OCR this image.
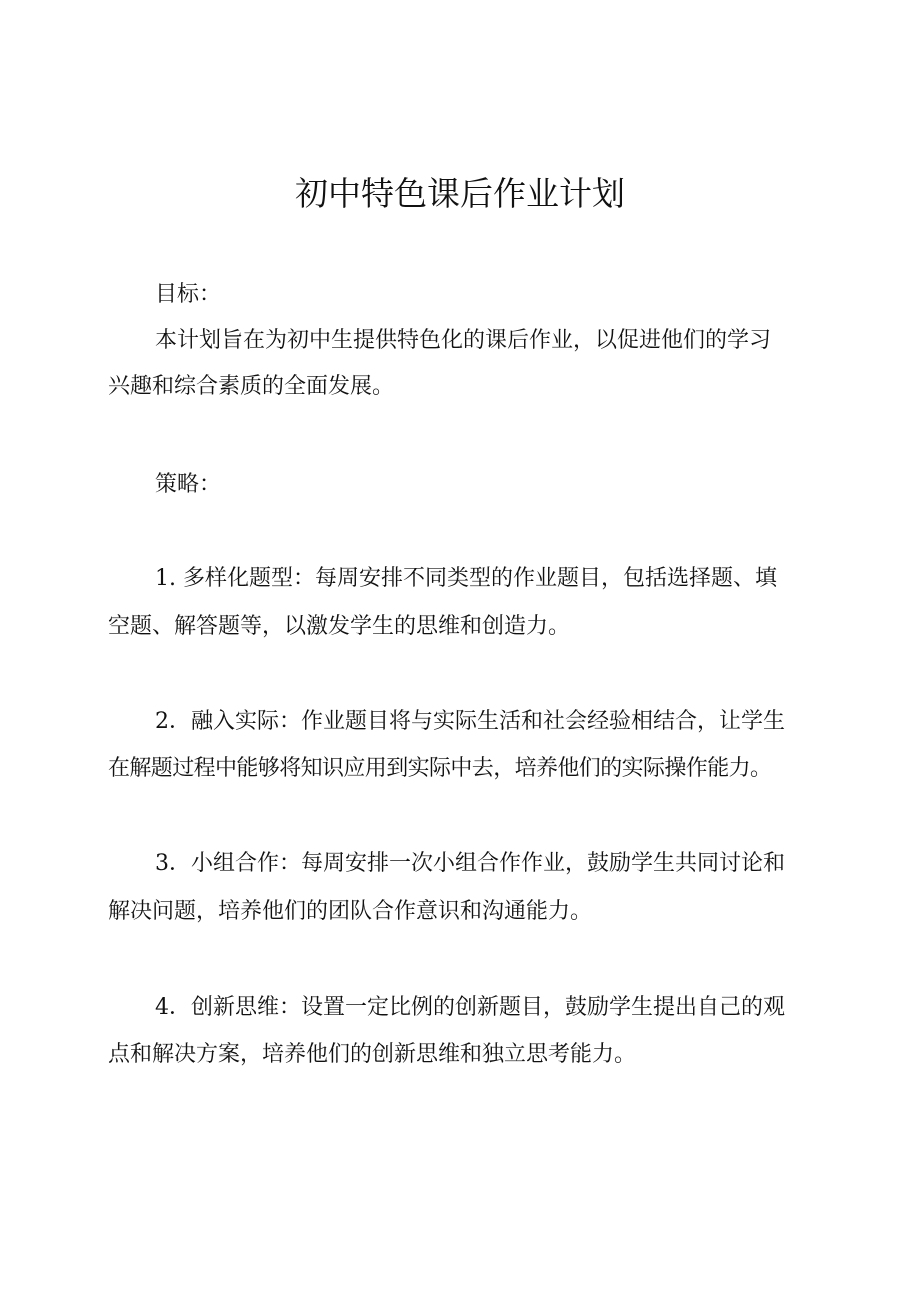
初中特色课后作业计划

目标：

本计划旨在为初中生提供特色化的课后作业，以促进他们的学习

兴趣和综合素质的全面发展。

策略：

1. 多样化题型：每周安排不同类型的作业题目，包括选择题、填

空题、解答题等，以激发学生的思维和创造力。

2．融入实际：作业题目将与实际生活和社会经验相结合，让学生

在解题过程中能够将知识应用到实际中去，培养他们的实际操作能力。

3．小组合作：每周安排一次小组合作作业，鼓励学生共同讨论和

解决问题，培养他们的团队合作意识和沟通能力。

4．创新思维：设置一定比例的创新题目，鼓励学生提出自己的观

点和解决方案，培养他们的创新思维和独立思考能力。
